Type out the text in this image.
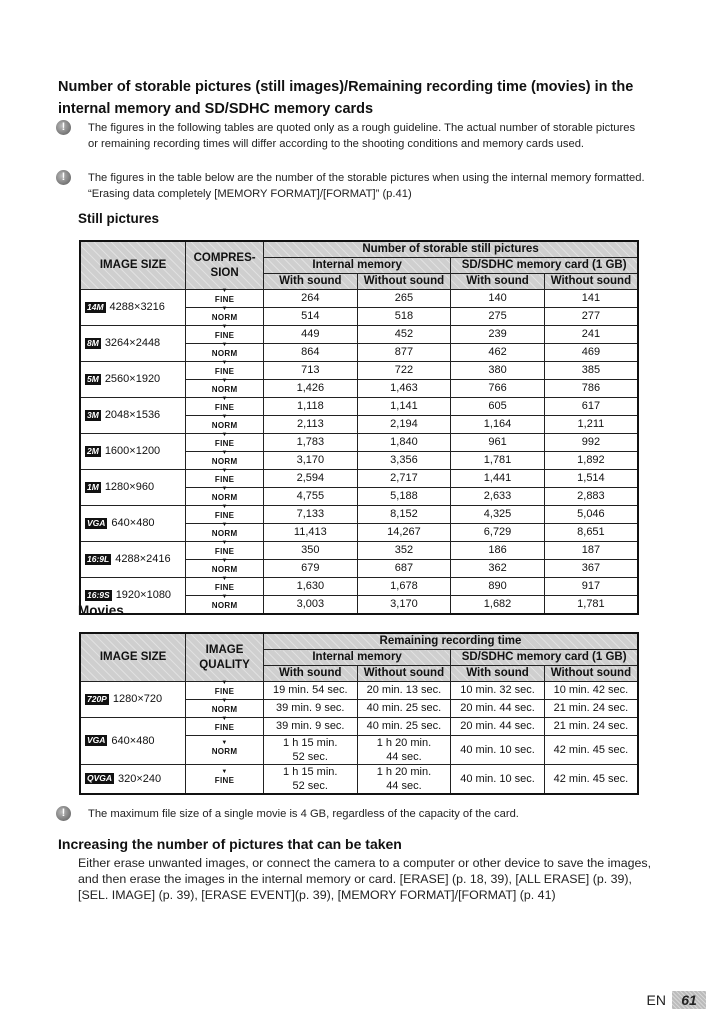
Number of storable pictures (still images)/Remaining recording time (movies) in the internal memory and SD/SDHC memory cards
!	The figures in the following tables are quoted only as a rough guideline. The actual number of storable pictures or remaining recording times will differ according to the shooting conditions and memory cards used.
!	The figures in the table below are the number of the storable pictures when using the internal memory formatted. “Erasing data completely [MEMORY FORMAT]/[FORMAT]” (p.41)
Still pictures
IMAGE SIZE	COMPRES- SION	Number of storable still pictures			
		Internal memory		SD/SDHC memory card (1 GB)	
		With sound	Without sound	With sound	Without sound
14M 4288×3216	▼ FINE	264	265	140	141
	▼ NORM	514	518	275	277
8M 3264×2448	▼ FINE	449	452	239	241
	▼ NORM	864	877	462	469
5M 2560×1920	▼ FINE	713	722	380	385
	▼ NORM	1,426	1,463	766	786
3M 2048×1536	▼ FINE	1,118	1,141	605	617
	▼ NORM	2,113	2,194	1,164	1,211
2M 1600×1200	▼ FINE	1,783	1,840	961	992
	▼ NORM	3,170	3,356	1,781	1,892
1M 1280×960	▼ FINE	2,594	2,717	1,441	1,514
	▼ NORM	4,755	5,188	2,633	2,883
VGA 640×480	▼ FINE	7,133	8,152	4,325	5,046
	▼ NORM	11,413	14,267	6,729	8,651
16:9L 4288×2416	▼ FINE	350	352	186	187
	▼ NORM	679	687	362	367
16:9S 1920×1080	▼ FINE	1,630	1,678	890	917
	▼ NORM	3,003	3,170	1,682	1,781
Movies
IMAGE SIZE	IMAGE QUALITY	Remaining recording time			
		Internal memory		SD/SDHC memory card (1 GB)	
		With sound	Without sound	With sound	Without sound
720P 1280×720	▼ FINE	19 min. 54 sec.	20 min. 13 sec.	10 min. 32 sec.	10 min. 42 sec.
	▼ NORM	39 min. 9 sec.	40 min. 25 sec.	20 min. 44 sec.	21 min. 24 sec.
VGA 640×480	▼ FINE	39 min. 9 sec.	40 min. 25 sec.	20 min. 44 sec.	21 min. 24 sec.
	▼ NORM	1 h 15 min. 52 sec.	1 h 20 min. 44 sec.	40 min. 10 sec.	42 min. 45 sec.
QVGA 320×240	▼ FINE	1 h 15 min. 52 sec.	1 h 20 min. 44 sec.	40 min. 10 sec.	42 min. 45 sec.
!	The maximum file size of a single movie is 4 GB, regardless of the capacity of the card.
Increasing the number of pictures that can be taken
Either erase unwanted images, or connect the camera to a computer or other device to save the images, and then erase the images in the internal memory or card. [ERASE] (p. 18, 39), [ALL ERASE] (p. 39), [SEL. IMAGE] (p. 39), [ERASE EVENT](p. 39), [MEMORY FORMAT]/[FORMAT] (p. 41)
EN 61
